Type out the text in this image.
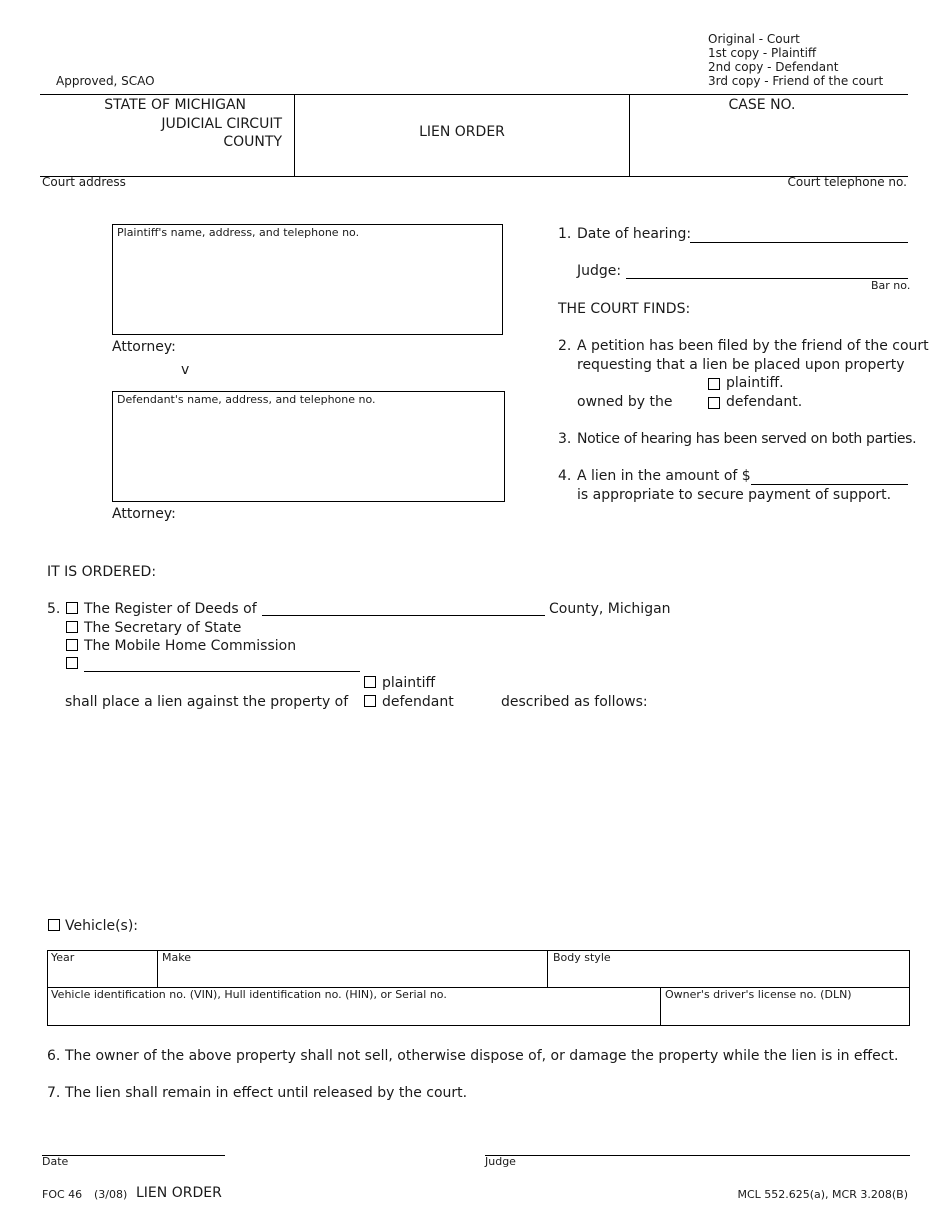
Original - Court
1st copy - Plaintiff
2nd copy - Defendant
3rd copy - Friend of the court
Approved, SCAO
STATE OF MICHIGAN
JUDICIAL CIRCUIT
COUNTY
LIEN ORDER
CASE NO.
Court address	Court telephone no.
Plaintiff's name, address, and telephone no.
Attorney:
v
Defendant's name, address, and telephone no.
Attorney:
1. Date of hearing:
Judge:
Bar no.
THE COURT FINDS:
2. A petition has been filed by the friend of the court
requesting that a lien be placed upon property
plaintiff.
owned by the	defendant.
3. Notice of hearing has been served on both parties.
4. A lien in the amount of $
is appropriate to secure payment of support.
IT IS ORDERED:
5. The Register of Deeds of	County, Michigan
The Secretary of State
The Mobile Home Commission
plaintiff
shall place a lien against the property of defendant	described as follows:
Vehicle(s):
Year	Make	Body style
Vehicle identification no. (VIN), Hull identification no. (HIN), or Serial no.	Owner's driver's license no. (DLN)
6. The owner of the above property shall not sell, otherwise dispose of, or damage the property while the lien is in effect.
7. The lien shall remain in effect until released by the court.
Date	Judge
FOC 46 (3/08) LIEN ORDER	MCL 552.625(a), MCR 3.208(B)
